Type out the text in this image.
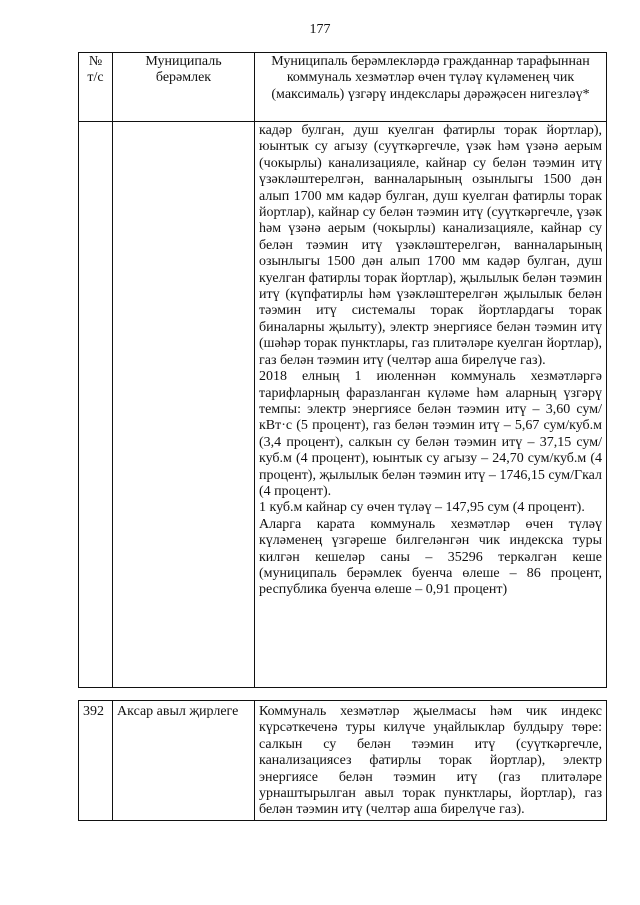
177
№
т/с	Муниципаль берәмлек	Муниципаль берәмлекләрдә гражданнар тарафыннан коммуналь хезмәтләр өчен түләү күләменең чик (максималь) үзгәрү индекслары дәрәҗәсен нигезләү*

		кадәр булган, душ куелган фатирлы торак йортлар), юынтык су агызу (суүткәргечле, үзәк һәм үзәнә аерым (чокырлы) канализацияле, кайнар су белән тәэмин итү үзәкләштерелгән, ванналарының озынлыгы 1500 дән алып 1700 мм кадәр булган, душ куелган фатирлы торак йортлар), кайнар су белән тәэмин итү (суүткәргечле, үзәк һәм үзәнә аерым (чокырлы) канализацияле, кайнар су белән тәэмин итү үзәкләштерелгән, ванналарының озынлыгы 1500 дән алып 1700 мм кадәр булган, душ куелган фатирлы торак йортлар), җылылык белән тәэмин итү (күпфатирлы һәм үзәкләштерелгән җылылык белән тәэмин итү системалы торак йортлардагы торак биналарны җылыту), электр энергиясе белән тәэмин итү (шәһәр торак пунктлары, газ плитәләре куелган йортлар), газ белән тәэмин итү (челтәр аша бирелүче газ).

2018 елның 1 июленнән коммуналь хезмәтләргә тарифларның фаразланган күләме һәм аларның үзгәрү темпы: электр энергиясе белән тәэмин итү – 3,60 сум/кВт·с (5 процент), газ белән тәэмин итү – 5,67 сум/куб.м (3,4 процент), салкын су белән тәэмин итү – 37,15 сум/куб.м (4 процент), юынтык су агызу – 24,70 сум/куб.м (4 процент), җылылык белән тәэмин итү – 1746,15 сум/Гкал (4 процент).

1 куб.м кайнар су өчен түләү – 147,95 сум (4 процент).

Аларга карата коммуналь хезмәтләр өчен түләү күләменең үзгәреше билгеләнгән чик индекска туры килгән кешеләр саны – 35296 теркәлгән кеше (муниципаль берәмлек буенча өлеше – 86 процент, республика буенча өлеше – 0,91 процент)

392	Аксар авыл җирлеге	Коммуналь хезмәтләр җыелмасы һәм чик индекс күрсәткеченә туры килүче уңайлыклар булдыру төре: салкын су белән тәэмин итү (суүткәргечле, канализациясез фатирлы торак йортлар), электр энергиясе белән тәэмин итү (газ плитәләре урнаштырылган авыл торак пунктлары, йортлар), газ белән тәэмин итү (челтәр аша бирелүче газ).
